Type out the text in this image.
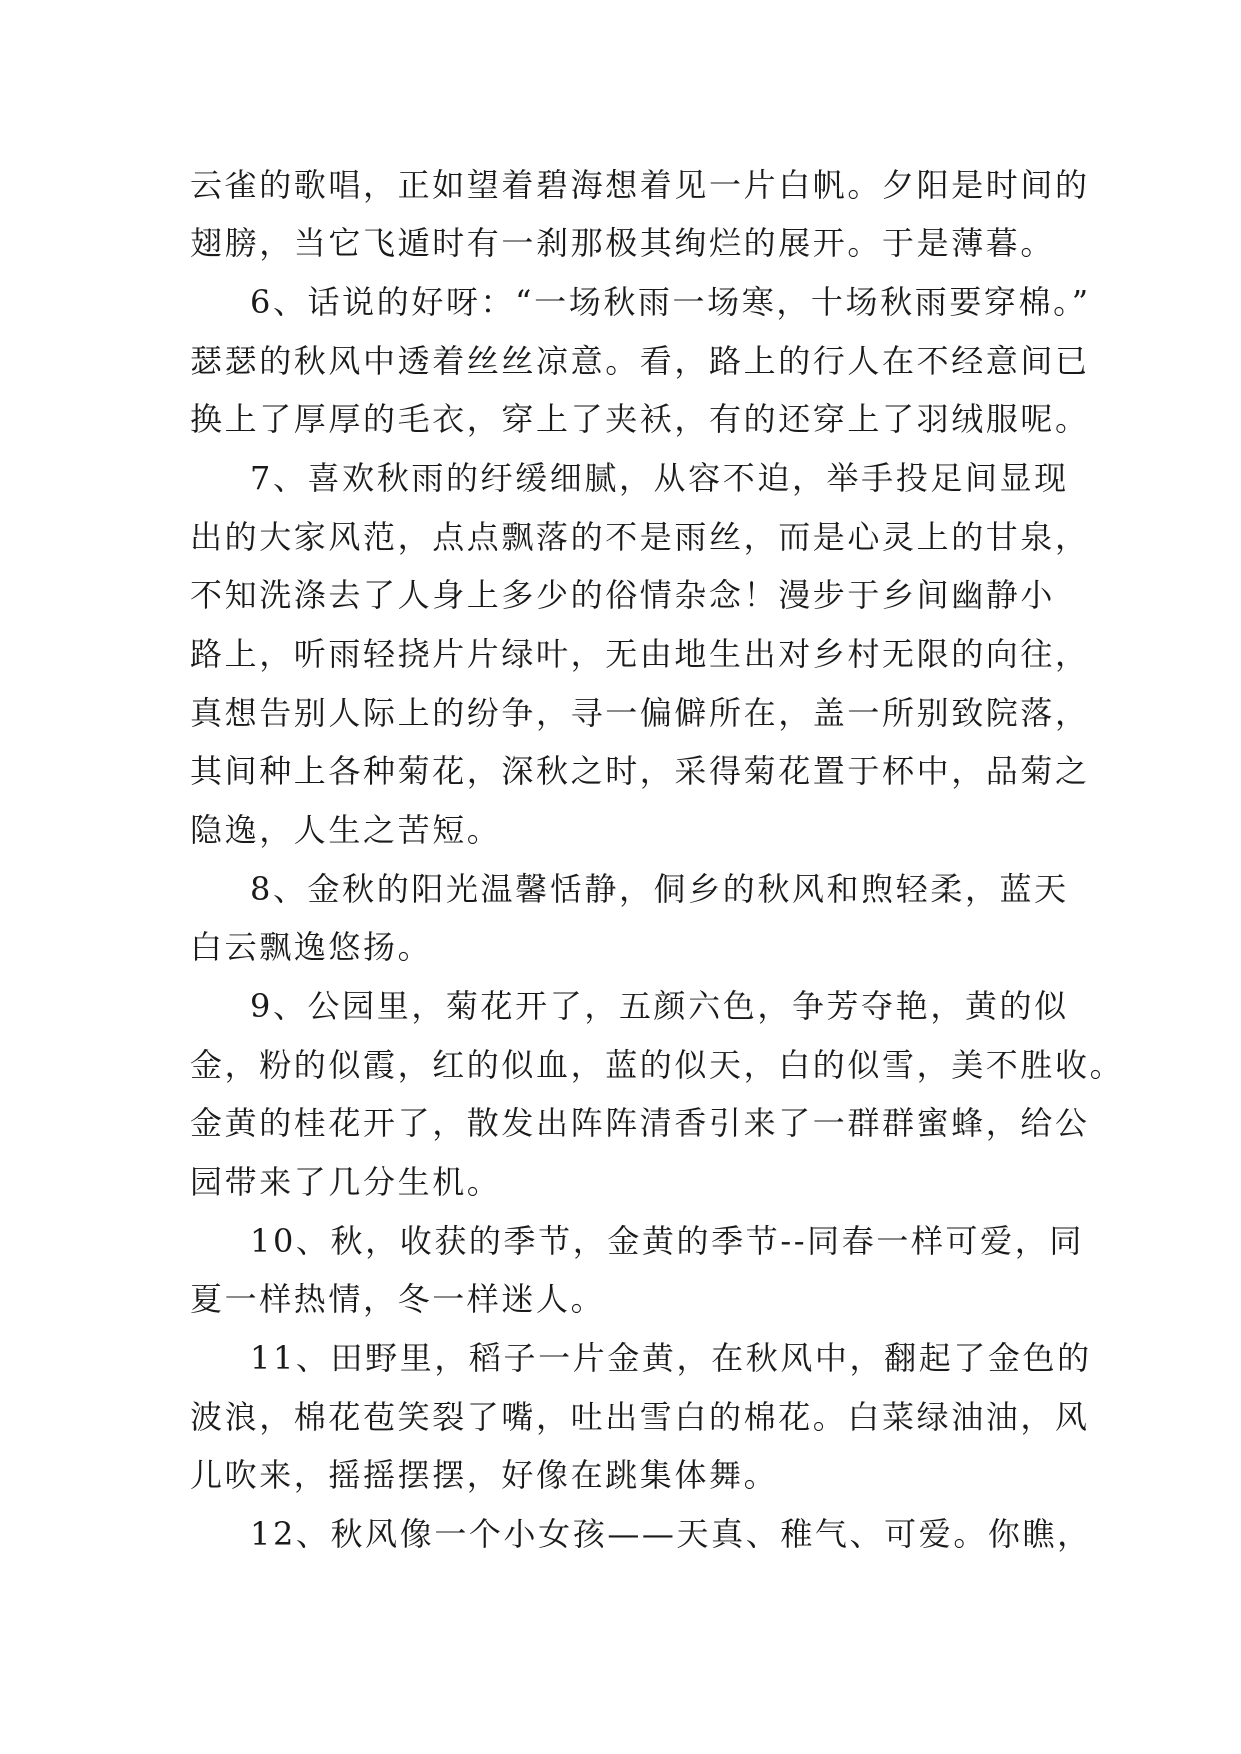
云雀的歌唱，正如望着碧海想着见一片白帆。夕阳是时间的
翅膀，当它飞遁时有一刹那极其绚烂的展开。于是薄暮。
6、话说的好呀：“一场秋雨一场寒，十场秋雨要穿棉。”
瑟瑟的秋风中透着丝丝凉意。看，路上的行人在不经意间已
换上了厚厚的毛衣，穿上了夹袄，有的还穿上了羽绒服呢。
7、喜欢秋雨的纡缓细腻，从容不迫，举手投足间显现
出的大家风范，点点飘落的不是雨丝，而是心灵上的甘泉，
不知洗涤去了人身上多少的俗情杂念！漫步于乡间幽静小
路上，听雨轻挠片片绿叶，无由地生出对乡村无限的向往，
真想告别人际上的纷争，寻一偏僻所在，盖一所别致院落，
其间种上各种菊花，深秋之时，采得菊花置于杯中，品菊之
隐逸，人生之苦短。
8、金秋的阳光温馨恬静，侗乡的秋风和煦轻柔，蓝天
白云飘逸悠扬。
9、公园里，菊花开了，五颜六色，争芳夺艳，黄的似
金，粉的似霞，红的似血，蓝的似天，白的似雪，美不胜收。
金黄的桂花开了，散发出阵阵清香引来了一群群蜜蜂，给公
园带来了几分生机。
10、秋，收获的季节，金黄的季节--同春一样可爱，同
夏一样热情，冬一样迷人。
11、田野里，稻子一片金黄，在秋风中，翻起了金色的
波浪，棉花苞笑裂了嘴，吐出雪白的棉花。白菜绿油油，风
儿吹来，摇摇摆摆，好像在跳集体舞。
12、秋风像一个小女孩——天真、稚气、可爱。你瞧，
